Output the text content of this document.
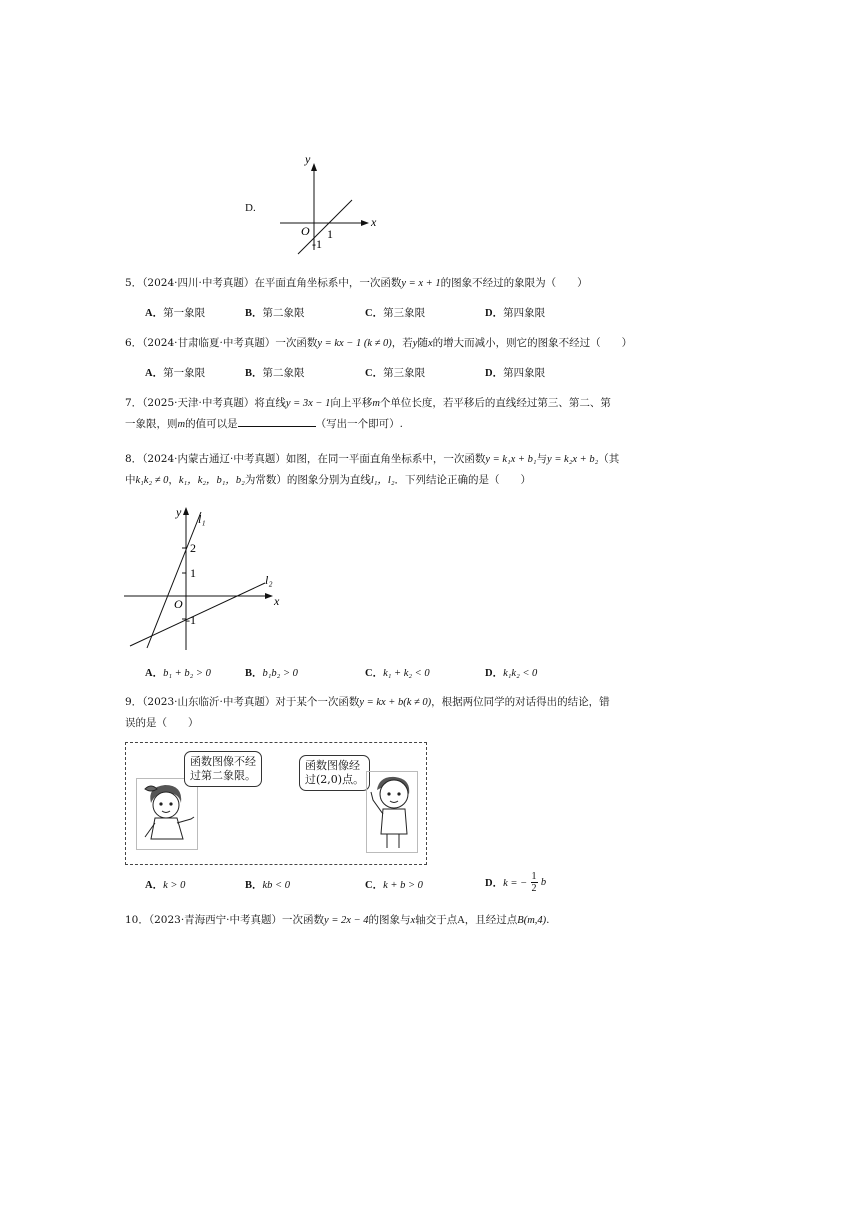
D.
x
y
O 1
-1
5．（2024·四川·中考真题）在平面直角坐标系中，一次函数y = x + 1的图象不经过的象限为（　　）
A．第一象限	B．第二象限	C．第三象限	D．第四象限
6．（2024·甘肃临夏·中考真题）一次函数y = kx − 1 (k ≠ 0)，若y随x的增大而减小，则它的图象不经过（　　）
A．第一象限	B．第二象限	C．第三象限	D．第四象限
7．（2025·天津·中考真题）将直线y = 3x − 1向上平移m个单位长度，若平移后的直线经过第三、第二、第
一象限，则m的值可以是	（写出一个即可）.
8．（2024·内蒙古通辽·中考真题）如图，在同一平面直角坐标系中，一次函数y = k₁x + b₁与y = k₂x + b₂（其
中k₁k₂ ≠ 0，k₁，k₂，b₁，b₂为常数）的图象分别为直线l₁，l₂．下列结论正确的是（　　）
x
y l₁
l₂
O
2
1
-1
A．b₁ + b₂ > 0	B．b₁b₂ > 0	C．k₁ + k₂ < 0	D．k₁k₂ < 0
9．（2023·山东临沂·中考真题）对于某个一次函数y = kx + b(k ≠ 0)，根据两位同学的对话得出的结论，错
误的是（　　）
函数图像不经
过第二象限。
函数图像经
过(2,0)点。
A．k > 0	B．kb < 0	C．k + b > 0	D．k = − $\frac{1}{2}$ b
10．（2023·青海西宁·中考真题）一次函数y = 2x − 4的图象与x轴交于点A，且经过点B(m,4).
